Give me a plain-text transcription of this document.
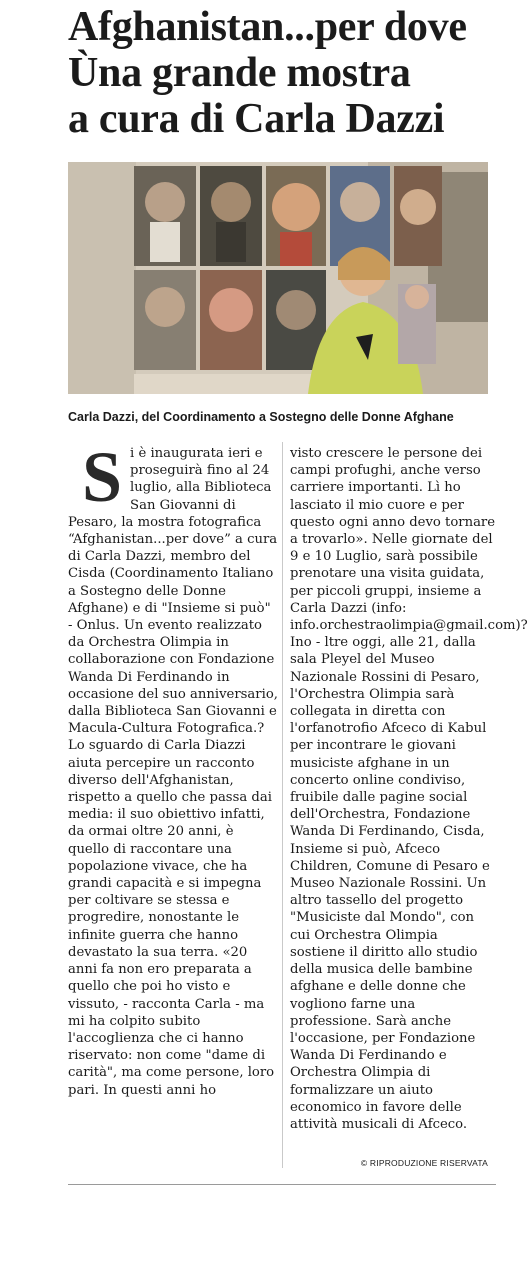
Afghanistan...per dove
Ùna grande mostra
a cura di Carla Dazzi
Carla Dazzi, del Coordinamento a Sostegno delle Donne Afghane
S i è inaugurata ieri e proseguirà fino al 24 luglio, alla Biblioteca San Giovanni di Pesaro, la mostra fotografica “Afghanistan...per dove” a cura di Carla Dazzi, membro del Cisda (Coordinamento Italiano a Sostegno delle Donne Afghane) e di "Insieme si può" - Onlus. Un evento realizzato da Orchestra Olimpia in collaborazione con Fondazione Wanda Di Ferdinando in occasione del suo anniversario, dalla Biblioteca San Giovanni e Macula-Cultura Fotografica.?Lo sguardo di Carla Diazzi aiuta percepire un racconto diverso dell'Afghanistan, rispetto a quello che passa dai media: il suo obiettivo infatti, da ormai oltre 20 anni, è quello di raccontare una popolazione vivace, che ha grandi capacità e si impegna per coltivare se stessa e progredire, nonostante le infinite guerra che hanno devastato la sua terra. «20 anni fa non ero preparata a quello che poi ho visto e vissuto, - racconta Carla - ma mi ha colpito subito l'accoglienza che ci hanno riservato: non come "dame di carità", ma come persone, loro pari. In questi anni ho

visto crescere le persone dei campi profughi, anche verso carriere importanti. Lì ho lasciato il mio cuore e per questo ogni anno devo tornare a trovarlo». Nelle giornate del 9 e 10 Luglio, sarà possibile prenotare una visita guidata, per piccoli gruppi, insieme a Carla Dazzi (info: info.orchestraolimpia@gmail.com)?Ino - ltre oggi, alle 21, dalla sala Pleyel del Museo Nazionale Rossini di Pesaro, l'Orchestra Olimpia sarà collegata in diretta con l'orfanotrofio Afceco di Kabul per incontrare le giovani musiciste afghane in un concerto online condiviso, fruibile dalle pagine social dell'Orchestra, Fondazione Wanda Di Ferdinando, Cisda, Insieme si può, Afceco Children, Comune di Pesaro e Museo Nazionale Rossini. Un altro tassello del progetto "Musiciste dal Mondo", con cui Orchestra Olimpia sostiene il diritto allo studio della musica delle bambine afghane e delle donne che vogliono farne una professione. Sarà anche l'occasione, per Fondazione Wanda Di Ferdinando e Orchestra Olimpia di formalizzare un aiuto economico in favore delle attività musicali di Afceco.

© RIPRODUZIONE RISERVATA
